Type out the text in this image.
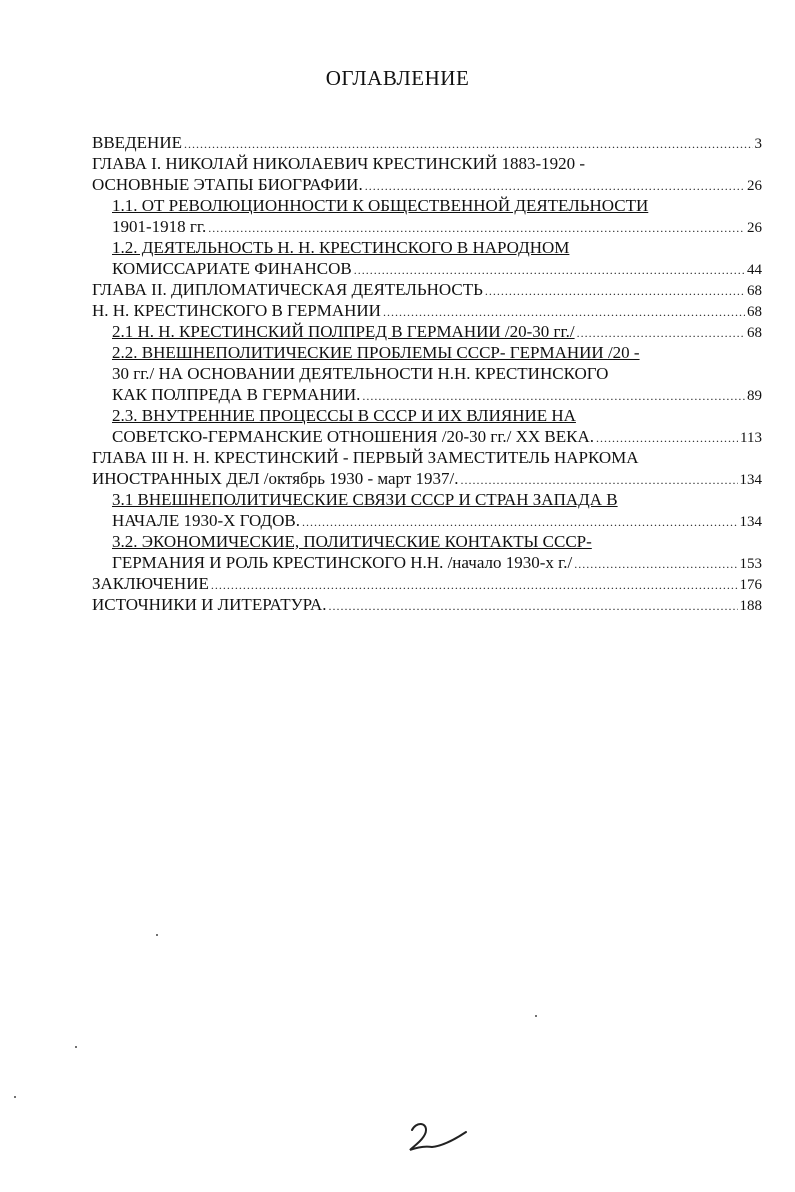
ОГЛАВЛЕНИЕ
ВВЕДЕНИЕ .....	3
ГЛАВА I. НИКОЛАЙ НИКОЛАЕВИЧ КРЕСТИНСКИЙ 1883-1920 -
ОСНОВНЫЕ ЭТАПЫ БИОГРАФИИ. .....	26
1.1. ОТ РЕВОЛЮЦИОННОСТИ К ОБЩЕСТВЕННОЙ ДЕЯТЕЛЬНОСТИ
1901-1918 гг. .....	26
1.2. ДЕЯТЕЛЬНОСТЬ Н. Н. КРЕСТИНСКОГО В НАРОДНОМ
КОМИССАРИАТЕ ФИНАНСОВ .....	44
ГЛАВА II. ДИПЛОМАТИЧЕСКАЯ ДЕЯТЕЛЬНОСТЬ .....	68
Н. Н. КРЕСТИНСКОГО В ГЕРМАНИИ .....	68
2.1 Н. Н. КРЕСТИНСКИЙ ПОЛПРЕД В ГЕРМАНИИ /20-30 гг./ .....	68
2.2. ВНЕШНЕПОЛИТИЧЕСКИЕ ПРОБЛЕМЫ СССР- ГЕРМАНИИ /20 -
30 гг./ НА ОСНОВАНИИ ДЕЯТЕЛЬНОСТИ Н.Н. КРЕСТИНСКОГО
КАК ПОЛПРЕДА В ГЕРМАНИИ. .....	89
2.3. ВНУТРЕННИЕ ПРОЦЕССЫ В СССР И ИХ ВЛИЯНИЕ НА
СОВЕТСКО-ГЕРМАНСКИЕ ОТНОШЕНИЯ /20-30 гг./ XX ВЕКА. .....	113
ГЛАВА III Н. Н. КРЕСТИНСКИЙ - ПЕРВЫЙ ЗАМЕСТИТЕЛЬ НАРКОМА
ИНОСТРАННЫХ ДЕЛ /октябрь 1930 - март 1937/. .....	134
3.1 ВНЕШНЕПОЛИТИЧЕСКИЕ СВЯЗИ СССР И СТРАН ЗАПАДА В
НАЧАЛЕ 1930-Х ГОДОВ. .....	134
3.2. ЭКОНОМИЧЕСКИЕ, ПОЛИТИЧЕСКИЕ КОНТАКТЫ СССР-
ГЕРМАНИЯ И РОЛЬ КРЕСТИНСКОГО Н.Н. /начало 1930-х г./ .....	153
ЗАКЛЮЧЕНИЕ .....	176
ИСТОЧНИКИ И ЛИТЕРАТУРА. .....	188
